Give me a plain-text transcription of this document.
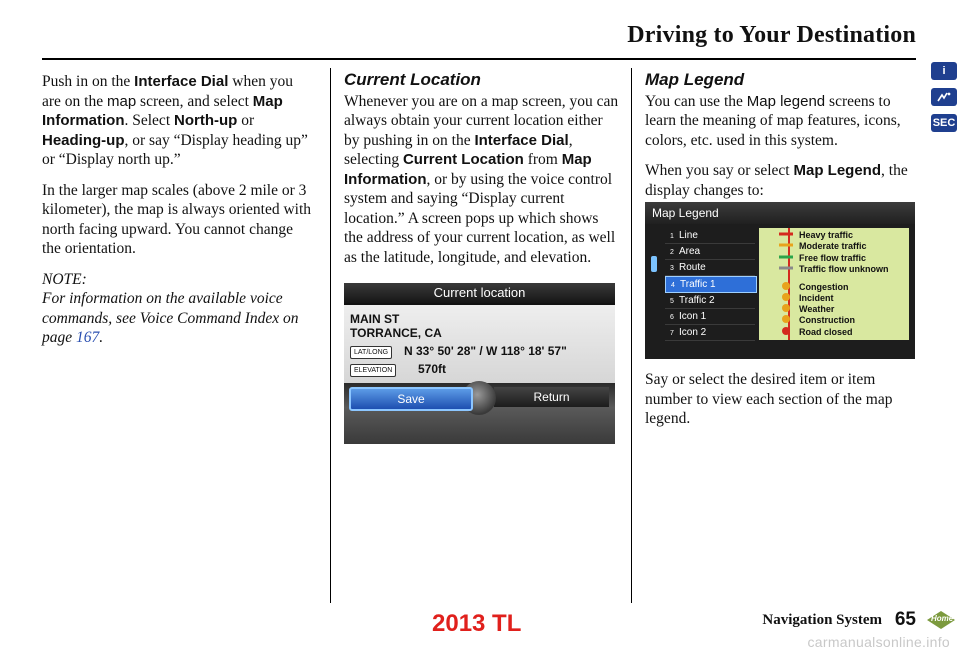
Driving to Your Destination
i
SEC

Push in on the Interface Dial when you are on the map screen, and select Map Information. Select North-up or Heading-up, or say “Display heading up” or “Display north up.”

In the larger map scales (above 2 mile or 3 kilometer), the map is always oriented with north facing upward. You cannot change the orientation.

NOTE:

For information on the available voice commands, see Voice Command Index on page 167.

Current Location

Whenever you are on a map screen, you can always obtain your current location either by pushing in on the Interface Dial, selecting Current Location from Map Information, or by using the voice control system and saying “Display current location.” A screen pops up which shows the address of your current location, as well as the latitude, longitude, and elevation.

Current location
MAIN ST
TORRANCE, CA
LAT/LONG	N 33° 50' 28" / W 118° 18' 57"
ELEVATION	570ft
Return
Save
Map Legend

You can use the Map legend screens to learn the meaning of map features, icons, colors, etc. used in this system.

When you say or select Map Legend, the display changes to:

Map Legend
1 Line
2 Area
3 Route
4 Traffic 1
5 Traffic 2
6 Icon 1
7 Icon 2
Heavy traffic
Moderate traffic
Free flow traffic
Traffic flow unknown
Congestion
Incident
Weather
Construction
Road closed

Say or select the desired item or item number to view each section of the map legend.

2013 TL	Navigation System 65 Home
carmanualsonline.info
